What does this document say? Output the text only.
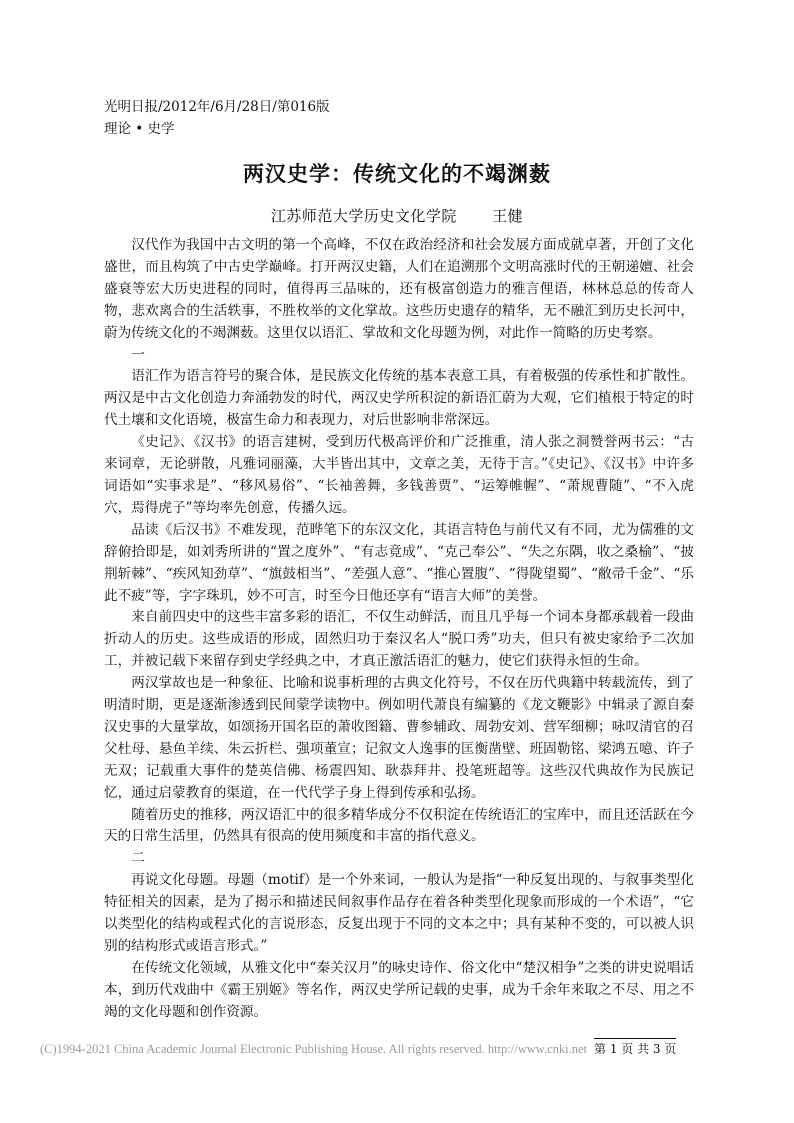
光明日报/2012年/6月/28日/第016版
理论 • 史学
两汉史学：传统文化的不竭渊薮
江苏师范大学历史文化学院 王健

汉代作为我国中古文明的第一个高峰，不仅在政治经济和社会发展方面成就卓著，开创了文化盛世，而且构筑了中古史学巅峰。打开两汉史籍，人们在追溯那个文明高涨时代的王朝递嬗、社会盛衰等宏大历史进程的同时，值得再三品味的，还有极富创造力的雅言俚语，林林总总的传奇人物，悲欢离合的生活轶事，不胜枚举的文化掌故。这些历史遗存的精华，无不融汇到历史长河中，蔚为传统文化的不竭渊薮。这里仅以语汇、掌故和文化母题为例，对此作一简略的历史考察。

一

语汇作为语言符号的聚合体，是民族文化传统的基本表意工具，有着极强的传承性和扩散性。两汉是中古文化创造力奔涌勃发的时代，两汉史学所积淀的新语汇蔚为大观，它们植根于特定的时代土壤和文化语境，极富生命力和表现力，对后世影响非常深远。

《史记》、《汉书》的语言建树，受到历代极高评价和广泛推重，清人张之洞赞誉两书云：“古来词章，无论骈散，凡雅词丽藻，大半皆出其中，文章之美，无待于言。”《史记》、《汉书》中许多词语如“实事求是”、“移风易俗”、“长袖善舞，多钱善贾”、“运筹帷幄”、“萧规曹随”、“不入虎穴，焉得虎子”等均率先创意，传播久远。

品读《后汉书》不难发现，范晔笔下的东汉文化，其语言特色与前代又有不同，尤为儒雅的文辞俯拾即是，如刘秀所讲的“置之度外”、“有志竟成”、“克己奉公”、“失之东隅，收之桑榆”、“披荆斩棘”、“疾风知劲草”、“旗鼓相当”、“差强人意”、“推心置腹”、“得陇望蜀”、“敝帚千金”、“乐此不疲”等，字字珠玑，妙不可言，时至今日他还享有“语言大师”的美誉。

来自前四史中的这些丰富多彩的语汇，不仅生动鲜活，而且几乎每一个词本身都承载着一段曲折动人的历史。这些成语的形成，固然归功于秦汉名人“脱口秀”功夫，但只有被史家给予二次加工，并被记载下来留存到史学经典之中，才真正激活语汇的魅力，使它们获得永恒的生命。

两汉掌故也是一种象征、比喻和说事析理的古典文化符号，不仅在历代典籍中转载流传，到了明清时期，更是逐渐渗透到民间蒙学读物中。例如明代萧良有编纂的《龙文鞭影》中辑录了源自秦汉史事的大量掌故，如颂扬开国名臣的萧收图籍、曹参辅政、周勃安刘、营军细柳；咏叹清官的召父杜母、悬鱼羊续、朱云折栏、强项董宣；记叙文人逸事的匡衡凿壁、班固勒铭、梁鸿五噫、许子无双；记载重大事件的楚英信佛、杨震四知、耿恭拜井、投笔班超等。这些汉代典故作为民族记忆，通过启蒙教育的渠道，在一代代学子身上得到传承和弘扬。

随着历史的推移，两汉语汇中的很多精华成分不仅积淀在传统语汇的宝库中，而且还活跃在今天的日常生活里，仍然具有很高的使用频度和丰富的指代意义。

二

再说文化母题。母题（motif）是一个外来词，一般认为是指“一种反复出现的、与叙事类型化特征相关的因素，是为了揭示和描述民间叙事作品存在着各种类型化现象而形成的一个术语”，“它以类型化的结构或程式化的言说形态，反复出现于不同的文本之中；具有某种不变的，可以被人识别的结构形式或语言形式。”

在传统文化领域，从雅文化中“秦关汉月”的咏史诗作、俗文化中“楚汉相争”之类的讲史说唱话本，到历代戏曲中《霸王别姬》等名作，两汉史学所记载的史事，成为千余年来取之不尽、用之不竭的文化母题和创作资源。

(C)1994-2021 China Academic Journal Electronic Publishing House. All rights reserved. http://www.cnki.net 第 1 页 共 3 页
